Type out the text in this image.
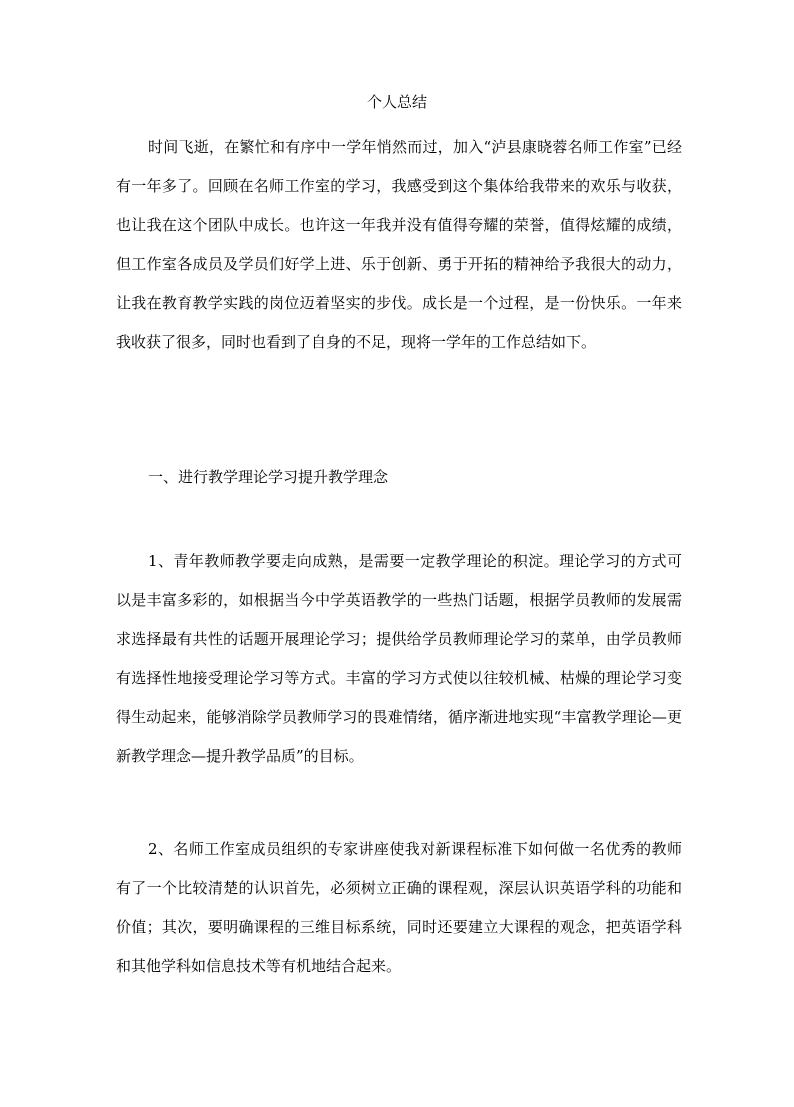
个人总结

时间飞逝，在繁忙和有序中一学年悄然而过，加入“泸县康晓蓉名师工作室”已经有一年多了。回顾在名师工作室的学习，我感受到这个集体给我带来的欢乐与收获，也让我在这个团队中成长。也许这一年我并没有值得夸耀的荣誉，值得炫耀的成绩，但工作室各成员及学员们好学上进、乐于创新、勇于开拓的精神给予我很大的动力，让我在教育教学实践的岗位迈着坚实的步伐。成长是一个过程，是一份快乐。一年来我收获了很多，同时也看到了自身的不足，现将一学年的工作总结如下。

一、进行教学理论学习提升教学理念

1、青年教师教学要走向成熟，是需要一定教学理论的积淀。理论学习的方式可以是丰富多彩的，如根据当今中学英语教学的一些热门话题，根据学员教师的发展需求选择最有共性的话题开展理论学习；提供给学员教师理论学习的菜单，由学员教师有选择性地接受理论学习等方式。丰富的学习方式使以往较机械、枯燥的理论学习变得生动起来，能够消除学员教师学习的畏难情绪，循序渐进地实现“丰富教学理论—更新教学理念—提升教学品质”的目标。

2、名师工作室成员组织的专家讲座使我对新课程标准下如何做一名优秀的教师有了一个比较清楚的认识首先，必须树立正确的课程观，深层认识英语学科的功能和价值；其次，要明确课程的三维目标系统，同时还要建立大课程的观念，把英语学科和其他学科如信息技术等有机地结合起来。
